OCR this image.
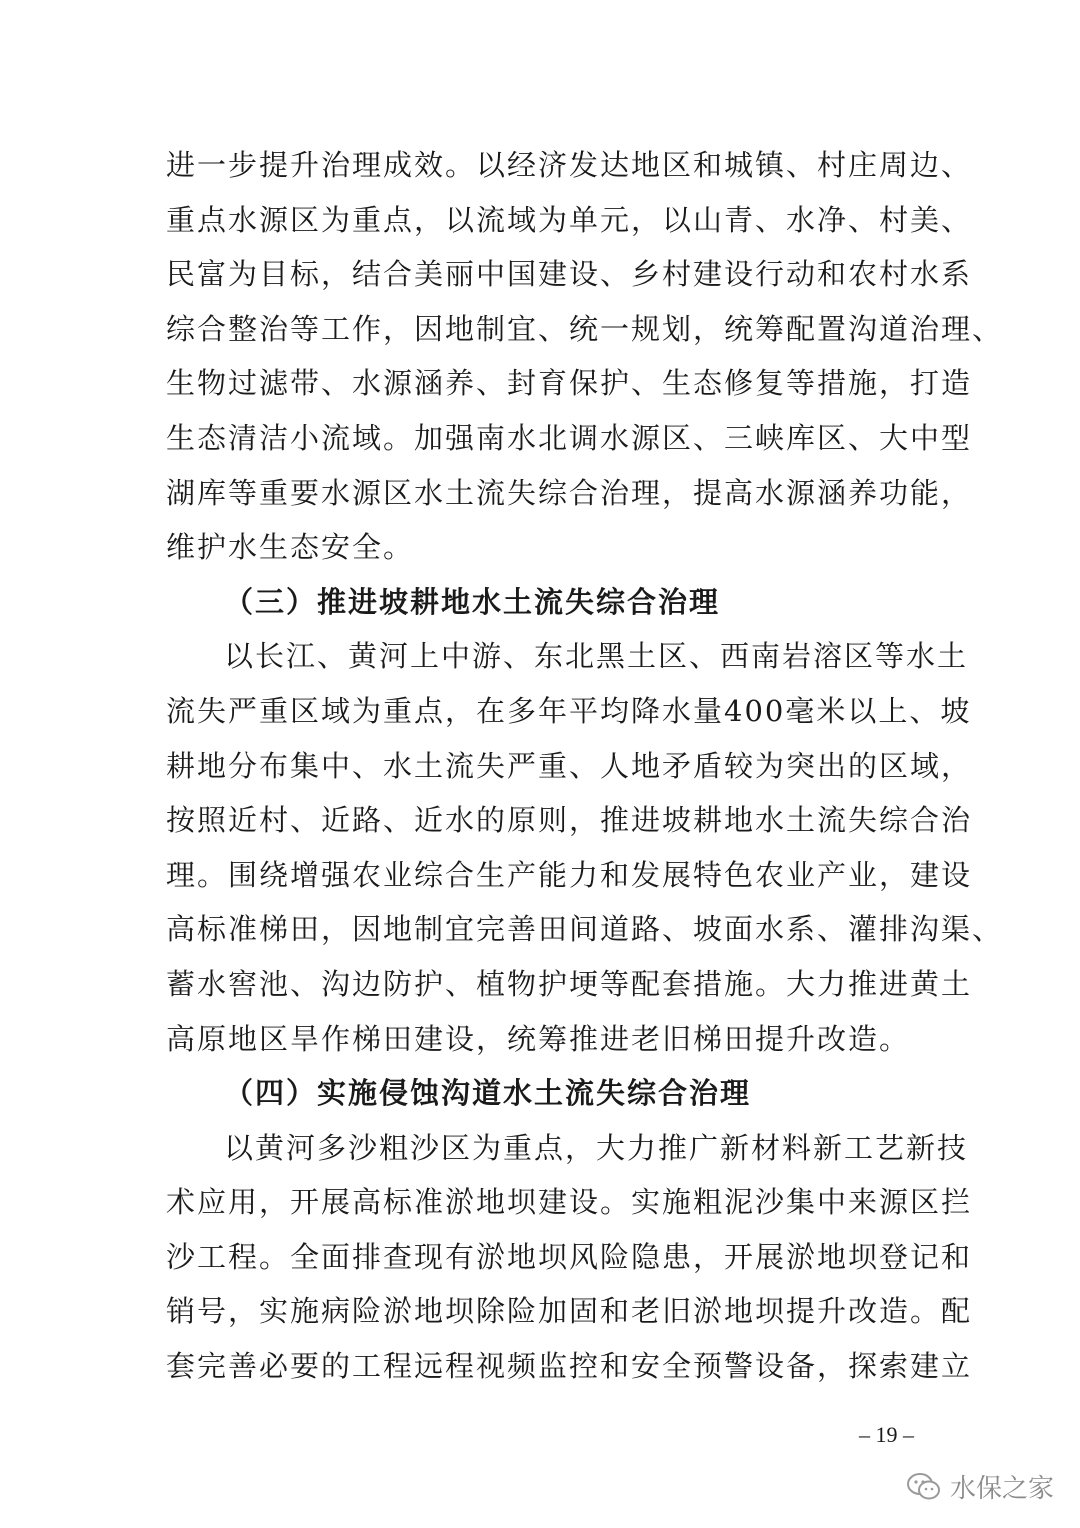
进一步提升治理成效。以经济发达地区和城镇、村庄周边、
重点水源区为重点，以流域为单元，以山青、水净、村美、
民富为目标，结合美丽中国建设、乡村建设行动和农村水系
综合整治等工作，因地制宜、统一规划，统筹配置沟道治理、
生物过滤带、水源涵养、封育保护、生态修复等措施，打造
生态清洁小流域。加强南水北调水源区、三峡库区、大中型
湖库等重要水源区水土流失综合治理，提高水源涵养功能，
维护水生态安全。
（三）推进坡耕地水土流失综合治理
以长江、黄河上中游、东北黑土区、西南岩溶区等水土
流失严重区域为重点，在多年平均降水量400毫米以上、坡
耕地分布集中、水土流失严重、人地矛盾较为突出的区域，
按照近村、近路、近水的原则，推进坡耕地水土流失综合治
理。围绕增强农业综合生产能力和发展特色农业产业，建设
高标准梯田，因地制宜完善田间道路、坡面水系、灌排沟渠、
蓄水窖池、沟边防护、植物护埂等配套措施。大力推进黄土
高原地区旱作梯田建设，统筹推进老旧梯田提升改造。
（四）实施侵蚀沟道水土流失综合治理
以黄河多沙粗沙区为重点，大力推广新材料新工艺新技
术应用，开展高标准淤地坝建设。实施粗泥沙集中来源区拦
沙工程。全面排查现有淤地坝风险隐患，开展淤地坝登记和
销号，实施病险淤地坝除险加固和老旧淤地坝提升改造。配
套完善必要的工程远程视频监控和安全预警设备，探索建立
– 19 –
水保之家
